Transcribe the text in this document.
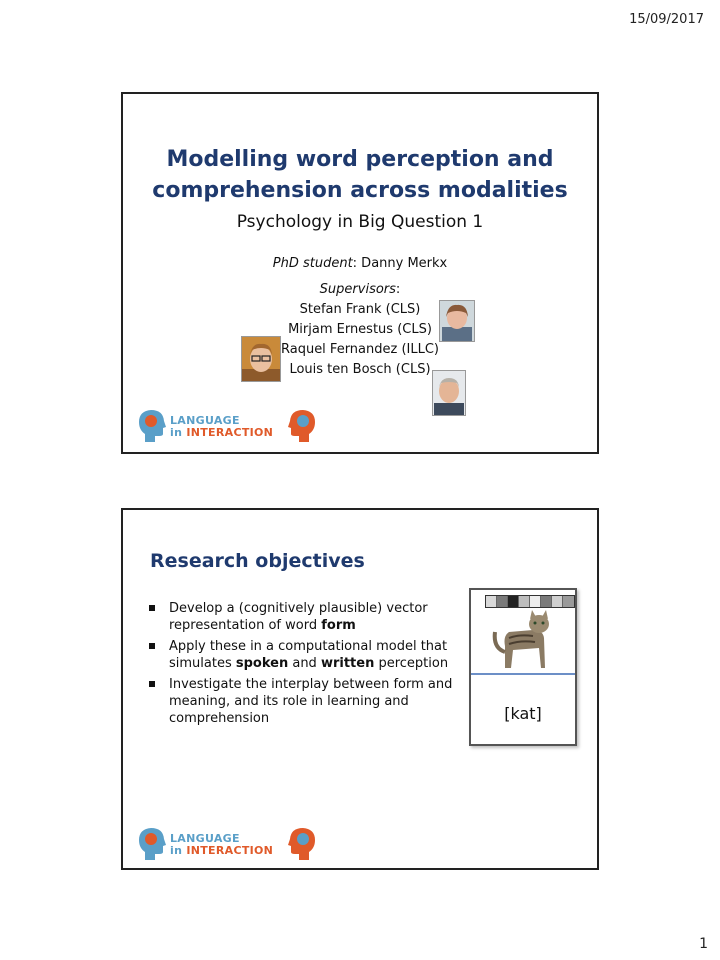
15/09/2017
Modelling word perception and
comprehension across modalities
Psychology in Big Question 1
PhD student: Danny Merkx
Supervisors:
Stefan Frank (CLS)
Mirjam Ernestus (CLS)
Raquel Fernandez (ILLC)
Louis ten Bosch (CLS)
LANGUAGE
in INTERACTION
Research objectives
Develop a (cognitively plausible) vector representation of word form
Apply these in a computational model that simulates spoken and written perception
Investigate the interplay between form and meaning, and its role in learning and comprehension	[kat]
LANGUAGE
in INTERACTION
1
